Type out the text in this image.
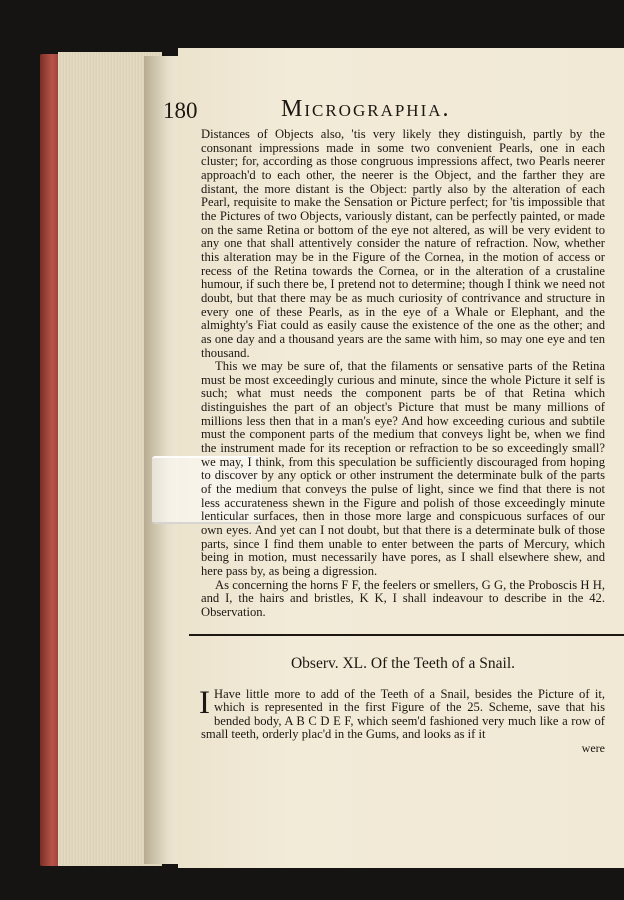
180	Micrographia.

Distances of Objects also, 'tis very likely they distinguish, partly by the consonant impressions made in some two convenient Pearls, one in each cluster; for, according as those congruous impressions affect, two Pearls neerer approach'd to each other, the neerer is the Object, and the farther they are distant, the more distant is the Object: partly also by the alteration of each Pearl, requisite to make the Sensation or Picture perfect; for 'tis impossible that the Pictures of two Objects, variously distant, can be perfectly painted, or made on the same Retina or bottom of the eye not altered, as will be very evident to any one that shall attentively consider the nature of refraction. Now, whether this alteration may be in the Figure of the Cornea, in the motion of access or recess of the Retina towards the Cornea, or in the alteration of a crustaline humour, if such there be, I pretend not to determine; though I think we need not doubt, but that there may be as much curiosity of contrivance and structure in every one of these Pearls, as in the eye of a Whale or Elephant, and the almighty's Fiat could as easily cause the existence of the one as the other; and as one day and a thousand years are the same with him, so may one eye and ten thousand.

This we may be sure of, that the filaments or sensative parts of the Retina must be most exceedingly curious and minute, since the whole Picture it self is such; what must needs the component parts be of that Retina which distinguishes the part of an object's Picture that must be many millions of millions less then that in a man's eye? And how exceeding curious and subtile must the component parts of the medium that conveys light be, when we find the instrument made for its reception or refraction to be so exceedingly small? we may, I think, from this speculation be sufficiently discouraged from hoping to discover by any optick or other instrument the determinate bulk of the parts of the medium that conveys the pulse of light, since we find that there is not less accurateness shewn in the Figure and polish of those exceedingly minute lenticular surfaces, then in those more large and conspicuous surfaces of our own eyes. And yet can I not doubt, but that there is a determinate bulk of those parts, since I find them unable to enter between the parts of Mercury, which being in motion, must necessarily have pores, as I shall elsewhere shew, and here pass by, as being a digression.

As concerning the horns F F, the feelers or smellers, G G, the Proboscis H H, and I, the hairs and bristles, K K, I shall indeavour to describe in the 42. Observation.

Observ. XL. Of the Teeth of a Snail.
I Have little more to add of the Teeth of a Snail, besides the Picture of it, which is represented in the first Figure of the 25. Scheme, save that his bended body, A B C D E F, which seem'd fashioned very much like a row of small teeth, orderly plac'd in the Gums, and looks as if it
were
